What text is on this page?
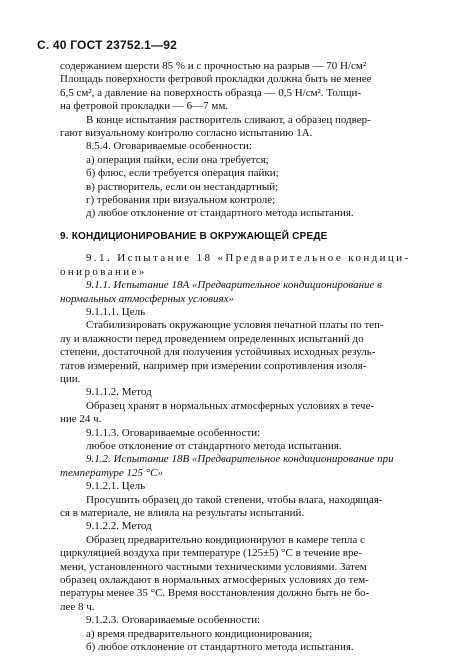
С. 40 ГОСТ 23752.1—92

содержанием шерсти 85 % и с прочностью на разрыв — 70 Н/см²

Площадь поверхности фетровой прокладки должна быть не менее

6,5 см², а давление на поверхность образца — 0,5 Н/см². Толщи-

на фетровой прокладки — 6—7 мм.

В конце испытания растворитель сливают, а образец подвер-

гают визуальному контролю согласно испытанию 1А.

8.5.4. Оговариваемые особенности:

а) операция пайки, если она требуется;

б) флюс, если требуется операция пайки;

в) растворитель, если он нестандартный;

г) требования при визуальном контроле;

д) любое отклонение от стандартного метода испытания.

9. КОНДИЦИОНИРОВАНИЕ В ОКРУЖАЮЩЕЙ СРЕДЕ

9.1. Испытание 18 «Предварительное кондици-

онирование»

9.1.1. Испытание 18А «Предварительное кондиционирование в

нормальных атмосферных условиях»

9.1.1.1. Цель

Стабилизировать окружающие условия печатной платы по теп-

лу и влажности перед проведением определенных испытаний до

степени, достаточной для получения устойчивых исходных резуль-

татов измерений, например при измерении сопротивления изоля-

ции.

9.1.1.2. Метод

Образец хранят в нормальных атмосферных условиях в тече-

ние 24 ч.

9.1.1.3. Оговариваемые особенности:

любое отклонение от стандартного метода испытания.

9.1.2. Испытание 18В «Предварительное кондиционирование при

температуре 125 °С»

9.1.2.1. Цель

Просушить образец до такой степени, чтобы влага, находящая-

ся в материале, не влияла на результаты испытаний.

9.1.2.2. Метод

Образец предварительно кондиционируют в камере тепла с

циркуляцией воздуха при температуре (125±5) °С в течение вре-

мени, установленного частными техническими условиями. Затем

образец охлаждают в нормальных атмосферных условиях до тем-

пературы менее 35 °С. Время восстановления должно быть не бо-

лее 8 ч.

9.1.2.3. Оговариваемые особенности:

а) время предварительного кондиционирования;

б) любое отклонение от стандартного метода испытания.
